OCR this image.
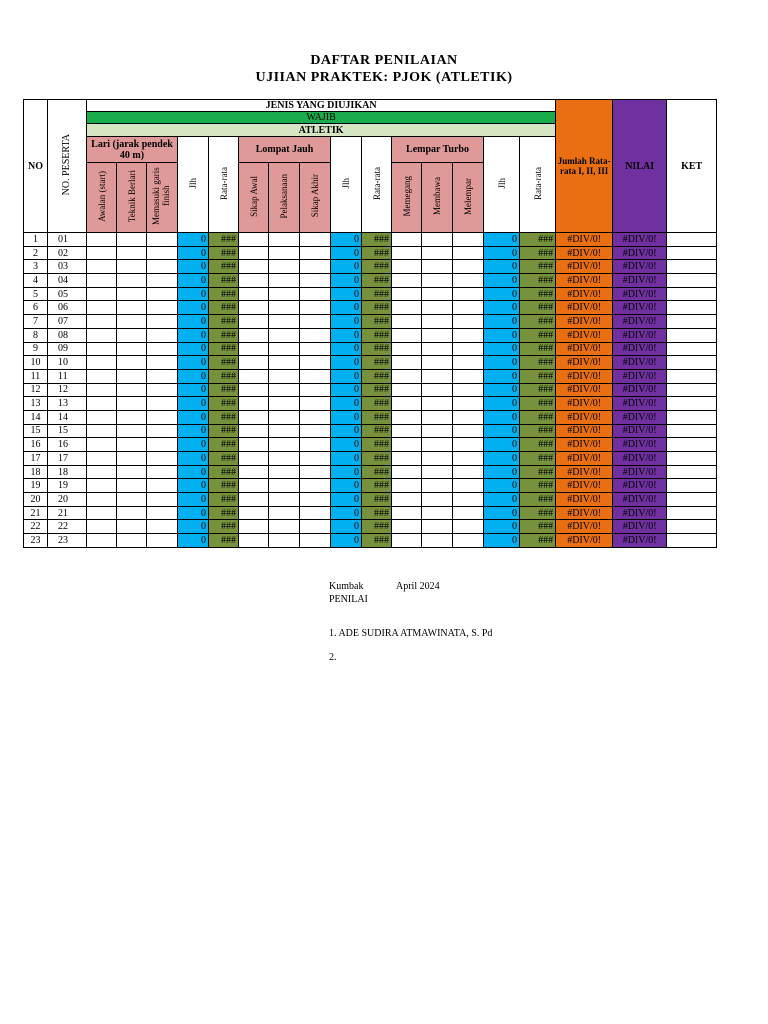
DAFTAR PENILAIAN
UJIIAN PRAKTEK: PJOK (ATLETIK)
NO	NO. PESERTA	JENIS YANG DIUJIKAN															Jumlah Rata-rata I, II, III	NILAI	KET
		WAJIB																	
		ATLETIK																	
		Lari (jarak pendek 40 m)			Jlh	Rata-rata	Lompat Jauh			Jlh	Rata-rata	Lempar Turbo			Jlh	Rata-rata			
		Awalan (start)	Teknik Berlari	Memasuki garis finish			Sikap Awal	Pelaksanaan	Sikap Akhir			Memegang	Membawa	Melempar					
1	01				0	###				0	###				0	###	#DIV/0!	#DIV/0!	
2	02				0	###				0	###				0	###	#DIV/0!	#DIV/0!	
3	03				0	###				0	###				0	###	#DIV/0!	#DIV/0!	
4	04				0	###				0	###				0	###	#DIV/0!	#DIV/0!	
5	05				0	###				0	###				0	###	#DIV/0!	#DIV/0!	
6	06				0	###				0	###				0	###	#DIV/0!	#DIV/0!	
7	07				0	###				0	###				0	###	#DIV/0!	#DIV/0!	
8	08				0	###				0	###				0	###	#DIV/0!	#DIV/0!	
9	09				0	###				0	###				0	###	#DIV/0!	#DIV/0!	
10	10				0	###				0	###				0	###	#DIV/0!	#DIV/0!	
11	11				0	###				0	###				0	###	#DIV/0!	#DIV/0!	
12	12				0	###				0	###				0	###	#DIV/0!	#DIV/0!	
13	13				0	###				0	###				0	###	#DIV/0!	#DIV/0!	
14	14				0	###				0	###				0	###	#DIV/0!	#DIV/0!	
15	15				0	###				0	###				0	###	#DIV/0!	#DIV/0!	
16	16				0	###				0	###				0	###	#DIV/0!	#DIV/0!	
17	17				0	###				0	###				0	###	#DIV/0!	#DIV/0!	
18	18				0	###				0	###				0	###	#DIV/0!	#DIV/0!	
19	19				0	###				0	###				0	###	#DIV/0!	#DIV/0!	
20	20				0	###				0	###				0	###	#DIV/0!	#DIV/0!	
21	21				0	###				0	###				0	###	#DIV/0!	#DIV/0!	
22	22				0	###				0	###				0	###	#DIV/0!	#DIV/0!	
23	23				0	###				0	###				0	###	#DIV/0!	#DIV/0!	
Kumbak	April 2024
PENILAI
1. ADE SUDIRA ATMAWINATA, S. Pd
2.
